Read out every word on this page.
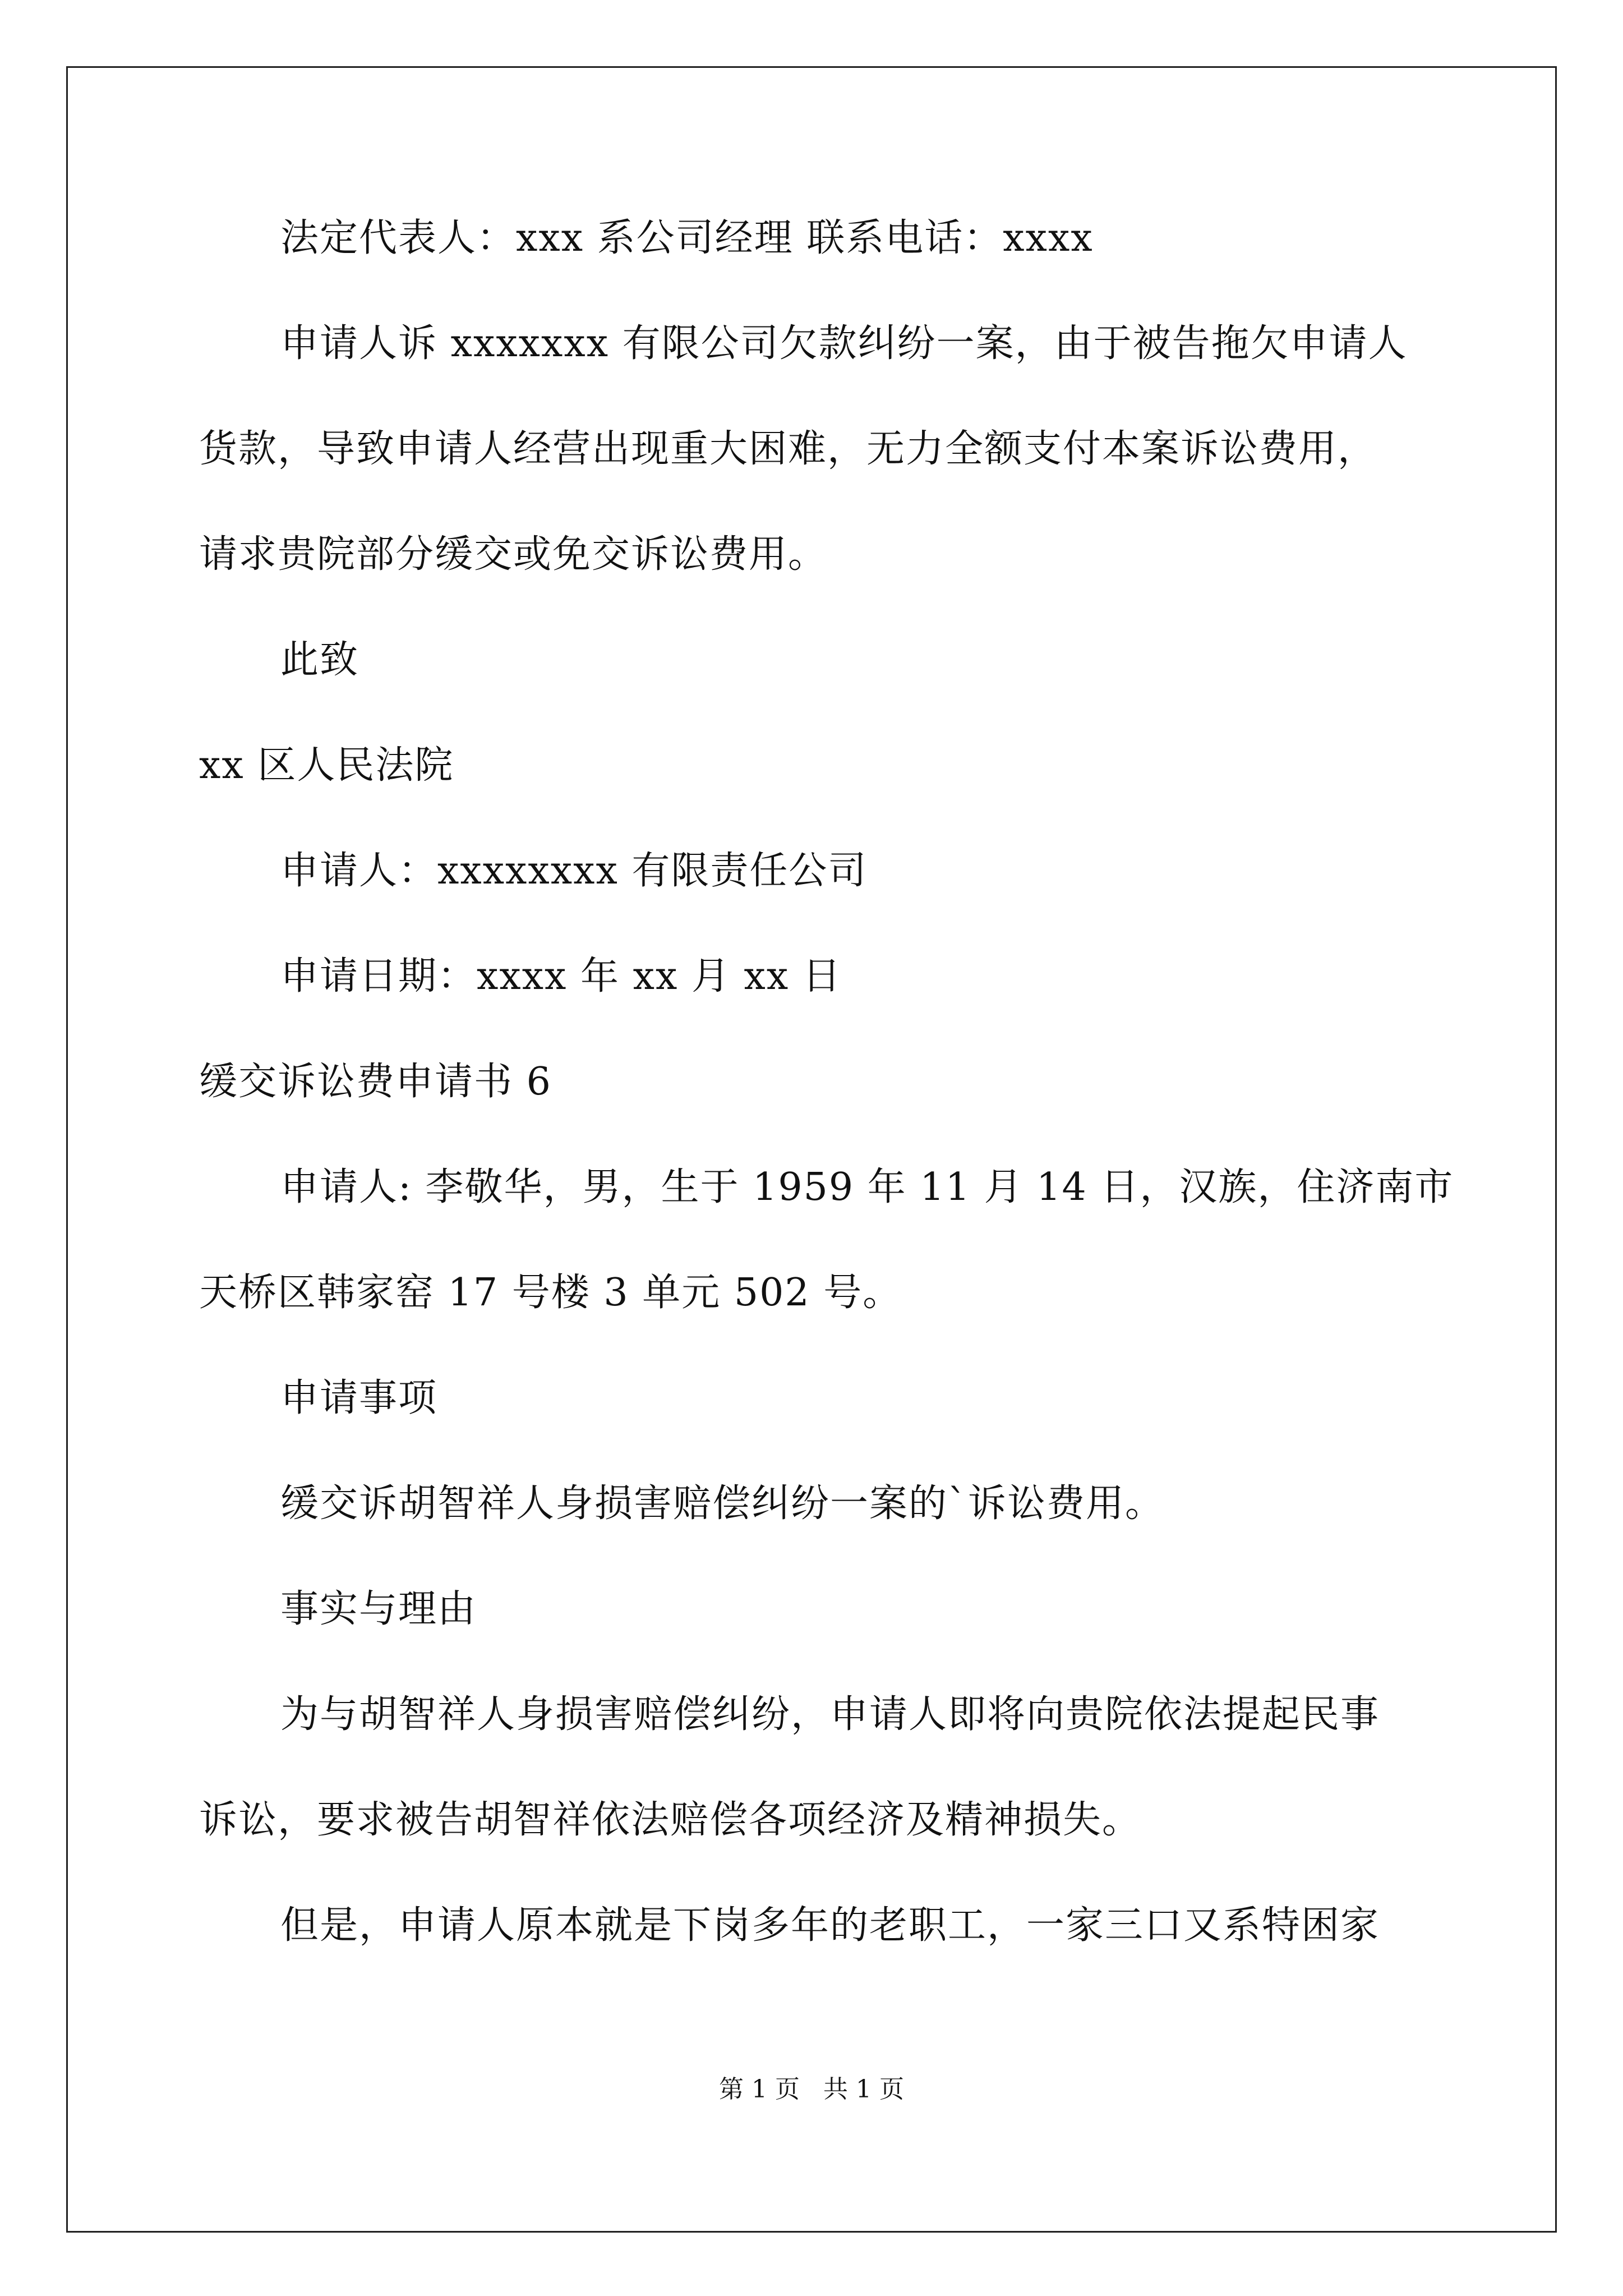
法定代表人：xxx 系公司经理 联系电话：xxxx
申请人诉 xxxxxxx 有限公司欠款纠纷一案，由于被告拖欠申请人
货款，导致申请人经营出现重大困难，无力全额支付本案诉讼费用，
请求贵院部分缓交或免交诉讼费用。
此致
xx 区人民法院
申请人：xxxxxxxx 有限责任公司
申请日期：xxxx 年 xx 月 xx 日
缓交诉讼费申请书 6
申请人: 李敬华，男，生于 1959 年 11 月 14 日，汉族，住济南市
天桥区韩家窑 17 号楼 3 单元 502 号。
申请事项
缓交诉胡智祥人身损害赔偿纠纷一案的`诉讼费用。
事实与理由
为与胡智祥人身损害赔偿纠纷，申请人即将向贵院依法提起民事
诉讼，要求被告胡智祥依法赔偿各项经济及精神损失。
但是，申请人原本就是下岗多年的老职工，一家三口又系特困家
第 1 页   共 1 页
